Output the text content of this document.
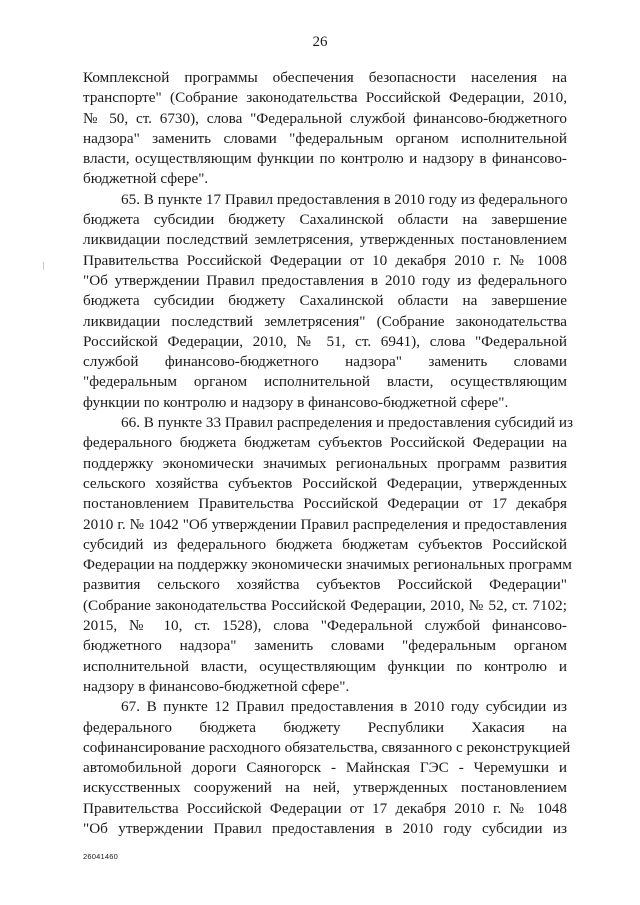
26
Комплексной программы обеспечения безопасности населения на
транспорте" (Собрание законодательства Российской Федерации, 2010,
№ 50, ст. 6730), слова "Федеральной службой финансово-бюджетного
надзора" заменить словами "федеральным органом исполнительной
власти, осуществляющим функции по контролю и надзору в финансово-
бюджетной сфере".
65. В пункте 17 Правил предоставления в 2010 году из федерального
бюджета субсидии бюджету Сахалинской области на завершение
ликвидации последствий землетрясения, утвержденных постановлением
Правительства Российской Федерации от 10 декабря 2010 г. № 1008
"Об утверждении Правил предоставления в 2010 году из федерального
бюджета субсидии бюджету Сахалинской области на завершение
ликвидации последствий землетрясения" (Собрание законодательства
Российской Федерации, 2010, № 51, ст. 6941), слова "Федеральной
службой финансово-бюджетного надзора" заменить словами
"федеральным органом исполнительной власти, осуществляющим
функции по контролю и надзору в финансово-бюджетной сфере".
66. В пункте 33 Правил распределения и предоставления субсидий из
федерального бюджета бюджетам субъектов Российской Федерации на
поддержку экономически значимых региональных программ развития
сельского хозяйства субъектов Российской Федерации, утвержденных
постановлением Правительства Российской Федерации от 17 декабря
2010 г. № 1042 "Об утверждении Правил распределения и предоставления
субсидий из федерального бюджета бюджетам субъектов Российской
Федерации на поддержку экономически значимых региональных программ
развития сельского хозяйства субъектов Российской Федерации"
(Собрание законодательства Российской Федерации, 2010, № 52, ст. 7102;
2015, № 10, ст. 1528), слова "Федеральной службой финансово-
бюджетного надзора" заменить словами "федеральным органом
исполнительной власти, осуществляющим функции по контролю и
надзору в финансово-бюджетной сфере".
67. В пункте 12 Правил предоставления в 2010 году субсидии из
федерального бюджета бюджету Республики Хакасия на
софинансирование расходного обязательства, связанного с реконструкцией
автомобильной дороги Саяногорск - Майнская ГЭС - Черемушки и
искусственных сооружений на ней, утвержденных постановлением
Правительства Российской Федерации от 17 декабря 2010 г. № 1048
"Об утверждении Правил предоставления в 2010 году субсидии из
26041460
